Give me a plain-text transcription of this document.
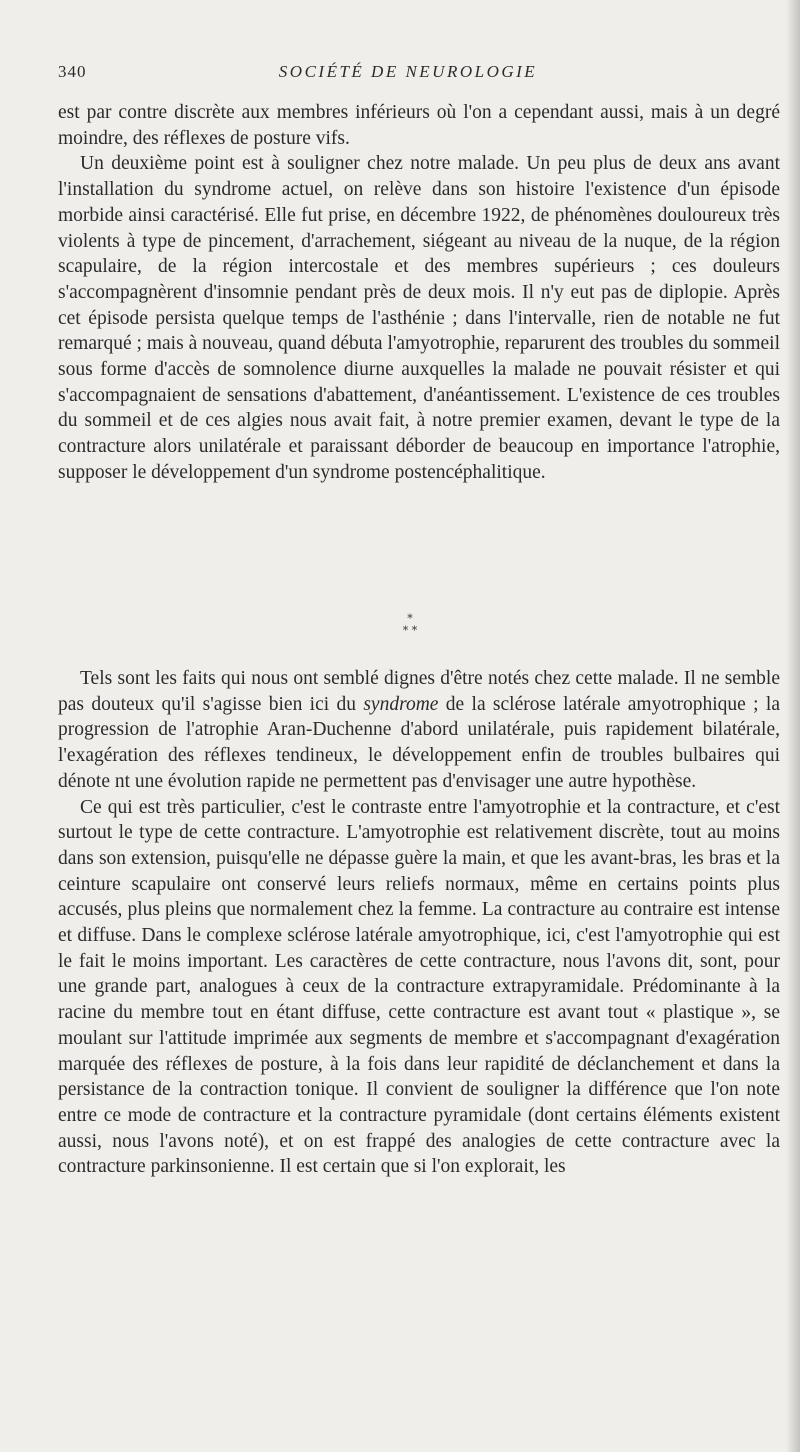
340	SOCIÉTÉ DE NEUROLOGIE

est par contre discrète aux membres inférieurs où l'on a cependant aussi, mais à un degré moindre, des réflexes de posture vifs.

Un deuxième point est à souligner chez notre malade. Un peu plus de deux ans avant l'installation du syndrome actuel, on relève dans son histoire l'existence d'un épisode morbide ainsi caractérisé. Elle fut prise, en décembre 1922, de phénomènes douloureux très violents à type de pincement, d'arrachement, siégeant au niveau de la nuque, de la région scapulaire, de la région intercostale et des membres supérieurs ; ces douleurs s'accompagnèrent d'insomnie pendant près de deux mois. Il n'y eut pas de diplopie. Après cet épisode persista quelque temps de l'asthénie ; dans l'intervalle, rien de notable ne fut remarqué ; mais à nouveau, quand débuta l'amyotrophie, reparurent des troubles du sommeil sous forme d'accès de somnolence diurne auxquelles la malade ne pouvait résister et qui s'accompagnaient de sensations d'abattement, d'anéantissement. L'existence de ces troubles du sommeil et de ces algies nous avait fait, à notre premier examen, devant le type de la contracture alors unilatérale et paraissant déborder de beaucoup en importance l'atrophie, supposer le développement d'un syndrome postencéphalitique.

*
* *

Tels sont les faits qui nous ont semblé dignes d'être notés chez cette malade. Il ne semble pas douteux qu'il s'agisse bien ici du syndrome de la sclérose latérale amyotrophique ; la progression de l'atrophie Aran-Duchenne d'abord unilatérale, puis rapidement bilatérale, l'exagération des réflexes tendineux, le développement enfin de troubles bulbaires qui dénote nt une évolution rapide ne permettent pas d'envisager une autre hypothèse.

Ce qui est très particulier, c'est le contraste entre l'amyotrophie et la contracture, et c'est surtout le type de cette contracture. L'amyotrophie est relativement discrète, tout au moins dans son extension, puisqu'elle ne dépasse guère la main, et que les avant-bras, les bras et la ceinture scapulaire ont conservé leurs reliefs normaux, même en certains points plus accusés, plus pleins que normalement chez la femme. La contracture au contraire est intense et diffuse. Dans le complexe sclérose latérale amyotrophique, ici, c'est l'amyotrophie qui est le fait le moins important. Les caractères de cette contracture, nous l'avons dit, sont, pour une grande part, analogues à ceux de la contracture extrapyramidale. Prédominante à la racine du membre tout en étant diffuse, cette contracture est avant tout « plastique », se moulant sur l'attitude imprimée aux segments de membre et s'accompagnant d'exagération marquée des réflexes de posture, à la fois dans leur rapidité de déclanchement et dans la persistance de la contraction tonique. Il convient de souligner la différence que l'on note entre ce mode de contracture et la contracture pyramidale (dont certains éléments existent aussi, nous l'avons noté), et on est frappé des analogies de cette contracture avec la contracture parkinsonienne. Il est certain que si l'on explorait, les
